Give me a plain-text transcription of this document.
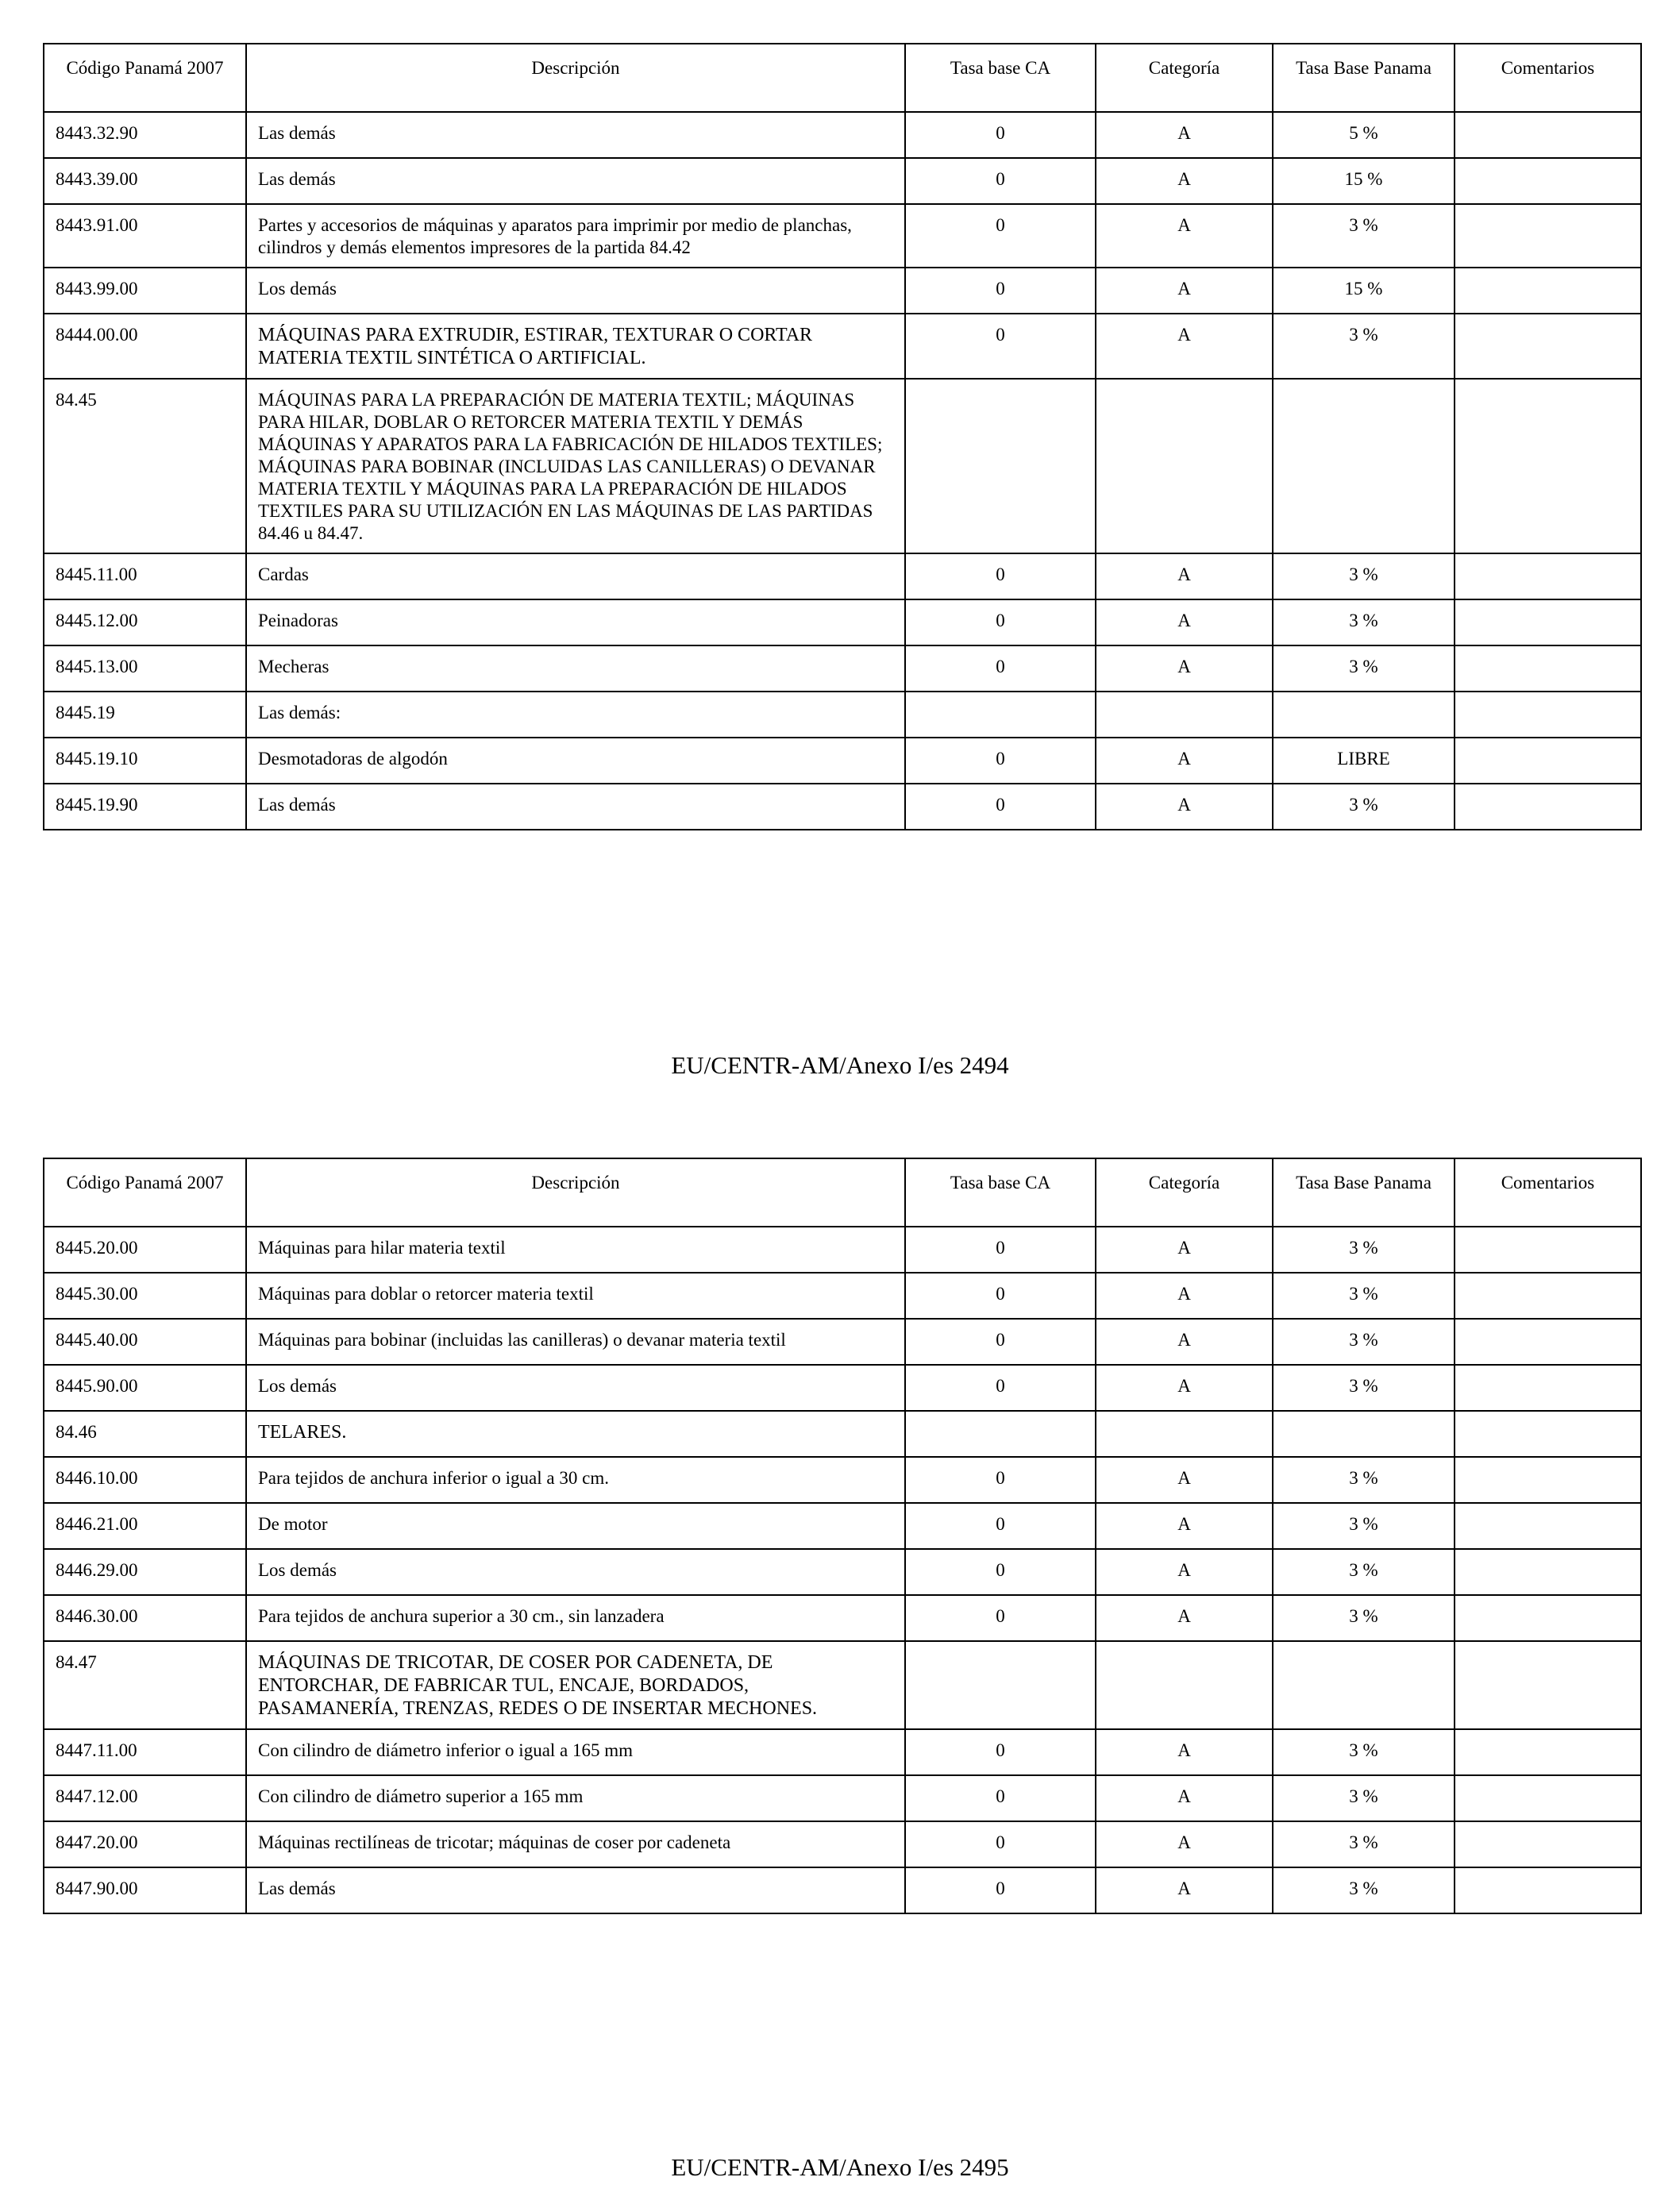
Código Panamá 2007	Descripción	Tasa base CA	Categoría	Tasa Base Panama	Comentarios
8443.32.90	Las demás	0	A	5 %	
8443.39.00	Las demás	0	A	15 %	
8443.91.00	Partes y accesorios de máquinas y aparatos para imprimir por medio de planchas, cilindros y demás elementos impresores de la partida 84.42	0	A	3 %	
8443.99.00	Los demás	0	A	15 %	
8444.00.00	MÁQUINAS PARA EXTRUDIR, ESTIRAR, TEXTURAR O CORTAR MATERIA TEXTIL SINTÉTICA O ARTIFICIAL.	0	A	3 %	
84.45	MÁQUINAS PARA LA PREPARACIÓN DE MATERIA TEXTIL; MÁQUINAS PARA HILAR, DOBLAR O RETORCER MATERIA TEXTIL Y DEMÁS MÁQUINAS Y APARATOS PARA LA FABRICACIÓN DE HILADOS TEXTILES; MÁQUINAS PARA BOBINAR (INCLUIDAS LAS CANILLERAS) O DEVANAR MATERIA TEXTIL Y MÁQUINAS PARA LA PREPARACIÓN DE HILADOS TEXTILES PARA SU UTILIZACIÓN EN LAS MÁQUINAS DE LAS PARTIDAS 84.46 u 84.47.				
8445.11.00	Cardas	0	A	3 %	
8445.12.00	Peinadoras	0	A	3 %	
8445.13.00	Mecheras	0	A	3 %	
8445.19	Las demás:				
8445.19.10	Desmotadoras de algodón	0	A	LIBRE	
8445.19.90	Las demás	0	A	3 %	
EU/CENTR-AM/Anexo I/es 2494
Código Panamá 2007	Descripción	Tasa base CA	Categoría	Tasa Base Panama	Comentarios
8445.20.00	Máquinas para hilar materia textil	0	A	3 %	
8445.30.00	Máquinas para doblar o retorcer materia textil	0	A	3 %	
8445.40.00	Máquinas para bobinar (incluidas las canilleras) o devanar materia textil	0	A	3 %	
8445.90.00	Los demás	0	A	3 %	
84.46	TELARES.				
8446.10.00	Para tejidos de anchura inferior o igual a 30 cm.	0	A	3 %	
8446.21.00	De motor	0	A	3 %	
8446.29.00	Los demás	0	A	3 %	
8446.30.00	Para tejidos de anchura superior a 30 cm., sin lanzadera	0	A	3 %	
84.47	MÁQUINAS DE TRICOTAR, DE COSER POR CADENETA, DE ENTORCHAR, DE FABRICAR TUL, ENCAJE, BORDADOS, PASAMANERÍA, TRENZAS, REDES O DE INSERTAR MECHONES.				
8447.11.00	Con cilindro de diámetro inferior o igual a 165 mm	0	A	3 %	
8447.12.00	Con cilindro de diámetro superior a 165 mm	0	A	3 %	
8447.20.00	Máquinas rectilíneas de tricotar; máquinas de coser por cadeneta	0	A	3 %	
8447.90.00	Las demás	0	A	3 %	
EU/CENTR-AM/Anexo I/es 2495
